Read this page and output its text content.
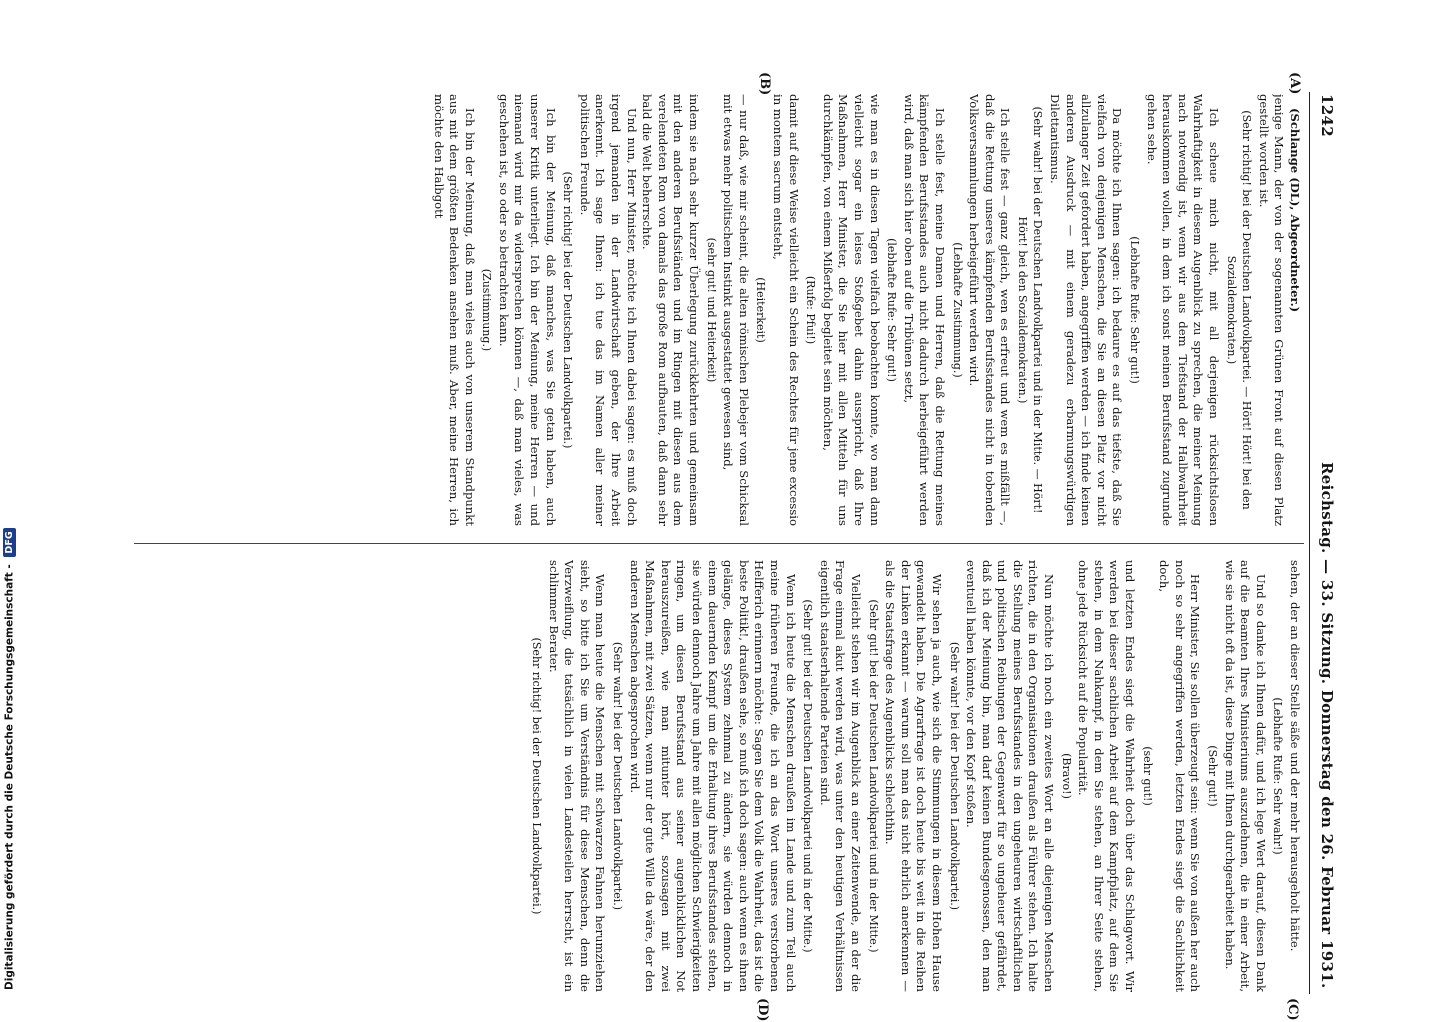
Digitalisierung gefördert durch die Deutsche Forschungsgemeinschaft - DFG
1242
Reichstag. — 33. Sitzung. Donnerstag den 26. Februar 1931.
(A)
(B)
(C)
(D)

(Schlange (DL), Abgeordneter.)

jenige Mann, der von der sogenannten Grünen Front auf diesen Platz gestellt worden ist.

(Sehr richtig! bei der Deutschen Landvolkpartei. — Hört! Hört! bei den Sozialdemokraten.)

Ich scheue mich nicht, mit all derjenigen rücksichtslosen Wahrhaftigkeit in diesem Augenblick zu sprechen, die meiner Meinung nach notwendig ist, wenn wir aus dem Tiefstand der Halbwahrheit herauskommen wollen, in dem ich sonst meinen Berufsstand zugrunde gehen sehe.

(Lebhafte Rufe: Sehr gut!)

Da möchte ich Ihnen sagen: ich bedaure es auf das tiefste, daß Sie vielfach von denjenigen Menschen, die Sie an diesen Platz vor nicht allzulanger Zeit gefordert haben, angegriffen werden — ich finde keinen anderen Ausdruck — mit einem geradezu erbarmungswürdigen Dilettantismus.

(Sehr wahr! bei der Deutschen Landvolkpartei und in der Mitte. — Hört! Hört! bei den Sozialdemokraten.)

Ich stelle fest — ganz gleich, wen es erfreut und wem es mißfällt —, daß die Rettung unseres kämpfenden Berufsstandes nicht in tobenden Volksversammlungen herbeigeführt werden wird.

(Lebhafte Zustimmung.)

Ich stelle fest, meine Damen und Herren, daß die Rettung meines kämpfenden Berufsstandes auch nicht dadurch herbeigeführt werden wird, daß man sich hier oben auf die Tribünen setzt,

(lebhafte Rufe: Sehr gut!)

wie man es in diesen Tagen vielfach beobachten konnte, wo man dann vielleicht sogar ein leises Stoßgebet dahin ausspricht, daß Ihre Maßnahmen, Herr Minister, die Sie hier mit allen Mitteln für uns durchkämpfen, von einem Mißerfolg begleitet sein möchten,

(Rufe: Pfui!)

damit auf diese Weise vielleicht ein Schein des Rechtes für jene excessio in montem sacrum entsteht,

(Heiterkeit)

— nur daß, wie mir scheint, die alten römischen Plebejer vom Schicksal mit etwas mehr politischem Instinkt ausgestattet gewesen sind,

(sehr gut! und Heiterkeit)

indem sie nach sehr kurzer Überlegung zurückkehrten und gemeinsam mit den anderen Berufsständen und im Ringen mit diesen aus dem verelendeten Rom von damals das große Rom aufbauten, daß dann sehr bald die Welt beherrschte.

Und nun, Herr Minister, möchte ich Ihnen dabei sagen: es muß doch irgend jemanden in der Landwirtschaft geben, der Ihre Arbeit anerkennt. Ich sage Ihnen: ich tue das im Namen aller meiner politischen Freunde.

(Sehr richtig! bei der Deutschen Landvolkpartei.)

Ich bin der Meinung, daß manches, was Sie getan haben, auch unserer Kritik unterliegt. Ich bin der Meinung, meine Herren — und niemand wird mir da widersprechen können —, daß man vieles, was geschehen ist, so oder so betrachten kann.

(Zustimmung.)

Ich bin der Meinung, daß man vieles auch von unserem Standpunkt aus mit dem größten Bedenken ansehen muß. Aber, meine Herren, ich möchte den Halbgott

sehen, der an dieser Stelle säße und der mehr herausgeholt hätte.

(Lebhafte Rufe: Sehr wahr!)

Und so danke ich Ihnen dafür, und ich lege Wert darauf, diesen Dank auf die Beamten Ihres Ministeriums auszudehnen, die in einer Arbeit, wie sie nicht oft da ist, diese Dinge mit Ihnen durchgearbeitet haben.

(Sehr gut!)

Herr Minister, Sie sollen überzeugt sein: wenn Sie von außen her auch noch so sehr angegriffen werden, letzten Endes siegt die Sachlichkeit doch,

(sehr gut!)

und letzten Endes siegt die Wahrheit doch über das Schlagwort. Wir werden bei dieser sachlichen Arbeit auf dem Kampfplatz, auf dem Sie stehen, in dem Nahkampf, in dem Sie stehen, an Ihrer Seite stehen, ohne jede Rücksicht auf die Popularität.

(Bravo!)

Nun möchte ich noch ein zweites Wort an alle diejenigen Menschen richten, die in den Organisationen draußen als Führer stehen. Ich halte die Stellung meines Berufsstandes in den ungeheuren wirtschaftlichen und politischen Reibungen der Gegenwart für so ungeheuer gefährdet, daß ich der Meinung bin, man darf keinen Bundesgenossen, den man eventuell haben könnte, vor den Kopf stoßen.

(Sehr wahr! bei der Deutschen Landvolkpartei.)

Wir sehen ja auch, wie sich die Stimmungen in diesem Hohen Hause gewandelt haben. Die Agrarfrage ist doch heute bis weit in die Reihen der Linken erkannt — warum soll man das nicht ehrlich anerkennen — als die Staatsfrage des Augenblicks schlechthin.

(Sehr gut! bei der Deutschen Landvolkpartei und in der Mitte.)

Vielleicht stehen wir im Augenblick an einer Zeitenwende, an der die Frage einmal akut werden wird, was unter den heutigen Verhältnissen eigentlich staatserhaltende Parteien sind.

(Sehr gut! bei der Deutschen Landvolkpartei und in der Mitte.)

Wenn ich heute die Menschen draußen im Lande und zum Teil auch meine früheren Freunde, die ich an das Wort unseres verstorbenen Helfferich erinnern möchte: Sagen Sie dem Volk die Wahrheit, das ist die beste Politik!, draußen sehe, so muß ich doch sagen: auch wenn es ihnen gelänge, dieses System zehnmal zu ändern, sie würden dennoch in einem dauernden Kampf um die Erhaltung ihres Berufsstandes stehen, sie würden dennoch Jahre um Jahre mit allen möglichen Schwierigkeiten ringen, um diesen Berufsstand aus seiner augenblicklichen Not herauszureißen, wie man mitunter hört, sozusagen mit zwei Maßnahmen, mit zwei Sätzen, wenn nur der gute Wille da wäre, der den anderen Menschen abgesprochen wird.

(Sehr wahr! bei der Deutschen Landvolkpartei.)

Wenn man heute die Menschen mit schwarzen Fahnen herumziehen sieht, so bitte ich Sie um Verständnis für diese Menschen, denn die Verzweiflung, die tatsächlich in vielen Landesteilen herrscht, ist ein schlimmer Berater.

(Sehr richtig! bei der Deutschen Landvolkpartei.)
